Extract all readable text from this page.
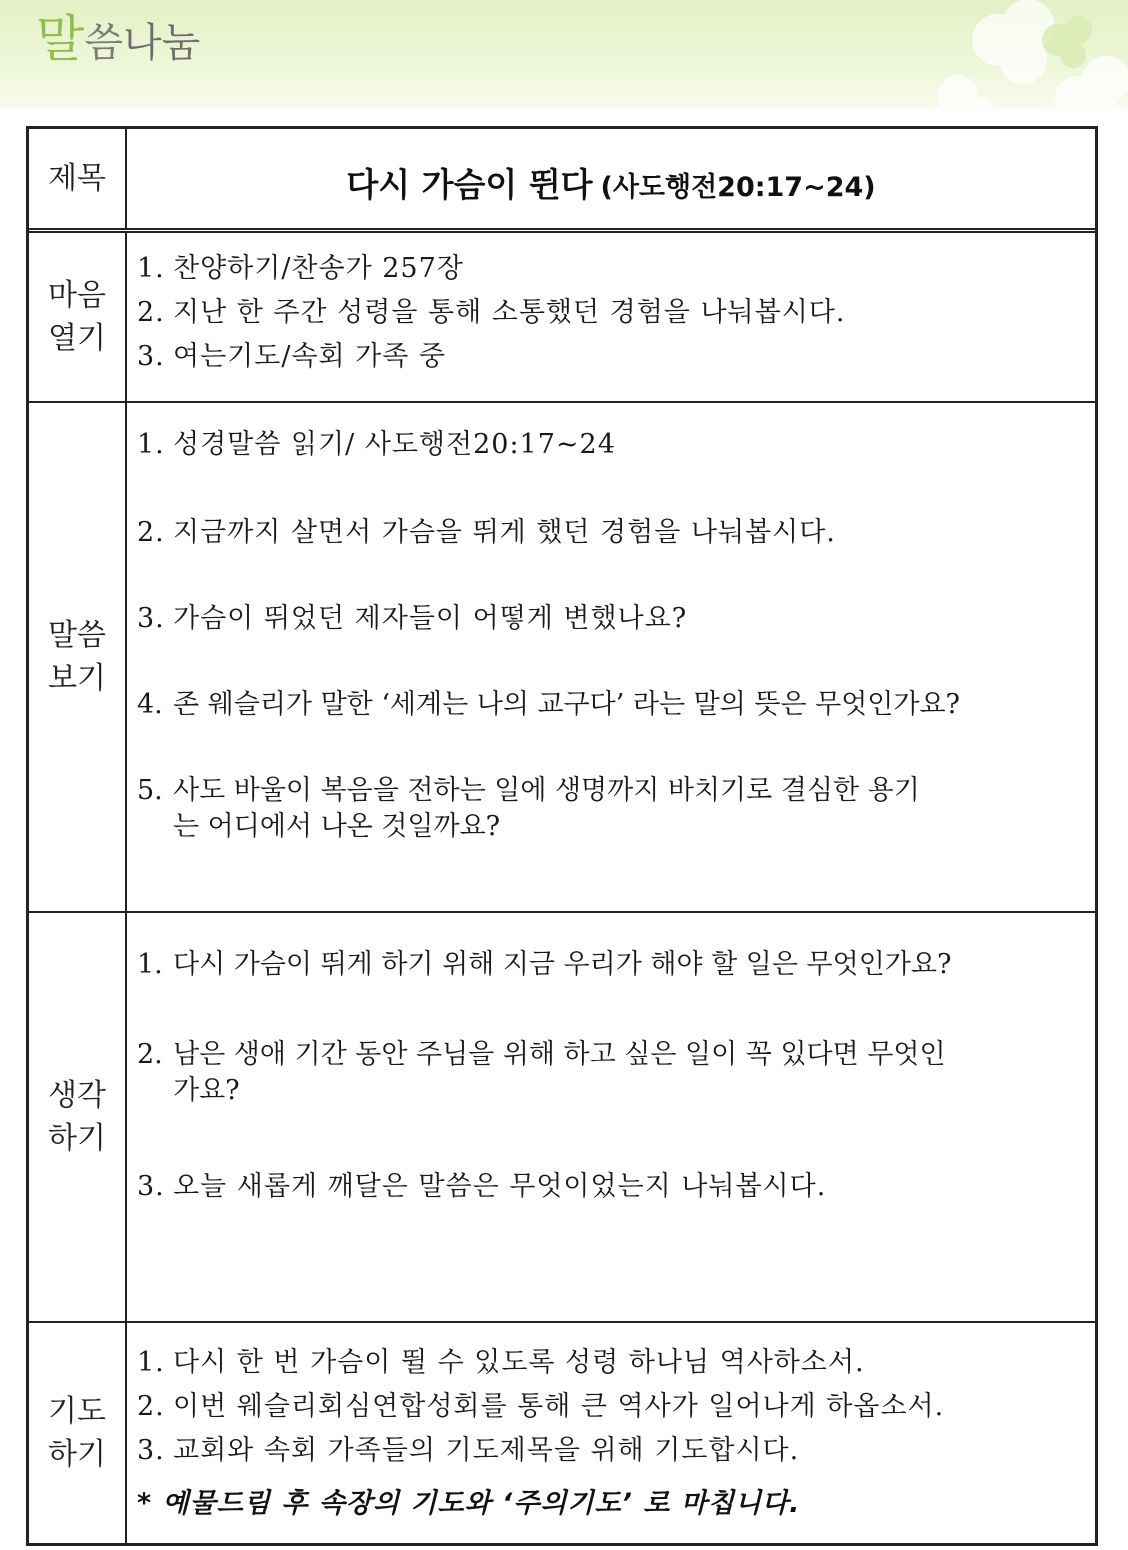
말씀나눔
제목	다시 가슴이 뛴다 (사도행전20:17~24)
마음
열기
1. 찬양하기/찬송가 257장
2. 지난 한 주간 성령을 통해 소통했던 경험을 나눠봅시다.
3. 여는기도/속회 가족 중
말씀
보기
1. 성경말씀 읽기/ 사도행전20:17~24
2. 지금까지 살면서 가슴을 뛰게 했던 경험을 나눠봅시다.
3. 가슴이 뛰었던 제자들이 어떻게 변했나요?
4. 존 웨슬리가 말한 ‘세계는 나의 교구다’ 라는 말의 뜻은 무엇인가요?
5. 사도 바울이 복음을 전하는 일에 생명까지 바치기로 결심한 용기
는 어디에서 나온 것일까요?
생각
하기
1. 다시 가슴이 뛰게 하기 위해 지금 우리가 해야 할 일은 무엇인가요?
2. 남은 생애 기간 동안 주님을 위해 하고 싶은 일이 꼭 있다면 무엇인
가요?
3. 오늘 새롭게 깨달은 말씀은 무엇이었는지 나눠봅시다.
기도
하기
1. 다시 한 번 가슴이 뛸 수 있도록 성령 하나님 역사하소서.
2. 이번 웨슬리회심연합성회를 통해 큰 역사가 일어나게 하옵소서.
3. 교회와 속회 가족들의 기도제목을 위해 기도합시다.
* 예물드림 후 속장의 기도와 ‘주의기도’ 로 마칩니다.
